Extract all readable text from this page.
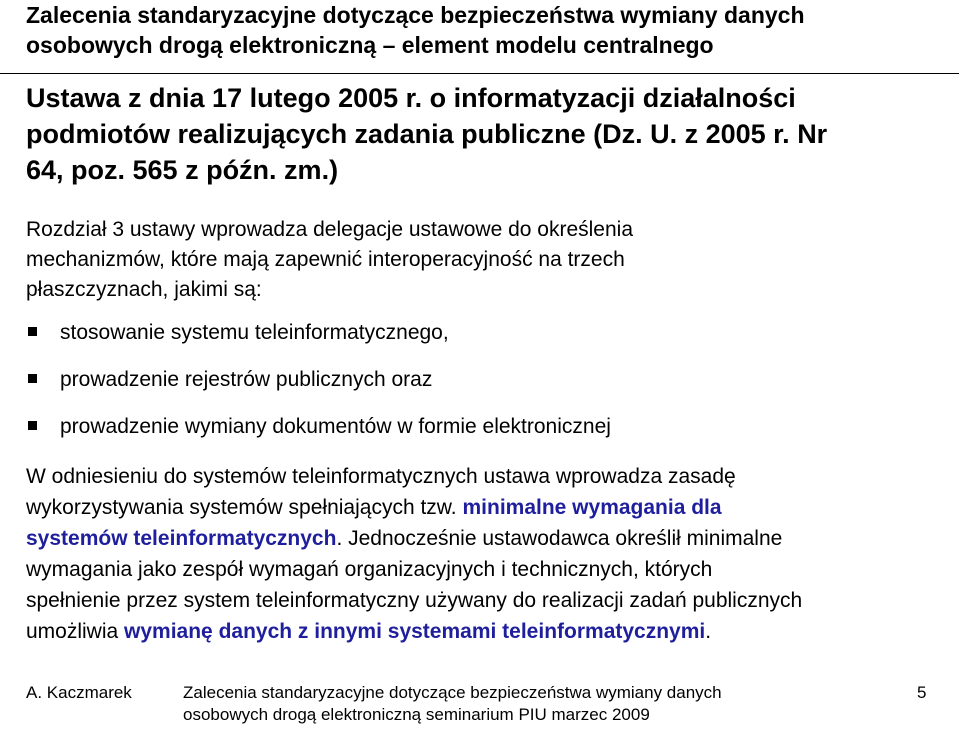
Zalecenia standaryzacyjne dotyczące bezpieczeństwa wymiany danych
osobowych drogą elektroniczną – element modelu centralnego
Ustawa z dnia 17 lutego 2005 r. o informatyzacji działalności
podmiotów realizujących zadania publiczne (Dz. U. z 2005 r. Nr
64, poz. 565 z późn. zm.)
Rozdział 3 ustawy wprowadza delegacje ustawowe do określenia
mechanizmów, które mają zapewnić interoperacyjność na trzech
płaszczyznach, jakimi są:
stosowanie systemu teleinformatycznego,
prowadzenie rejestrów publicznych oraz
prowadzenie wymiany dokumentów w formie elektronicznej
W odniesieniu do systemów teleinformatycznych ustawa wprowadza zasadę
wykorzystywania systemów spełniających tzw. minimalne wymagania dla
systemów teleinformatycznych. Jednocześnie ustawodawca określił minimalne
wymagania jako zespół wymagań organizacyjnych i technicznych, których
spełnienie przez system teleinformatyczny używany do realizacji zadań publicznych
umożliwia wymianę danych z innymi systemami teleinformatycznymi.
A. Kaczmarek	Zalecenia standaryzacyjne dotyczące bezpieczeństwa wymiany danych
osobowych drogą elektroniczną seminarium PIU marzec 2009
5
